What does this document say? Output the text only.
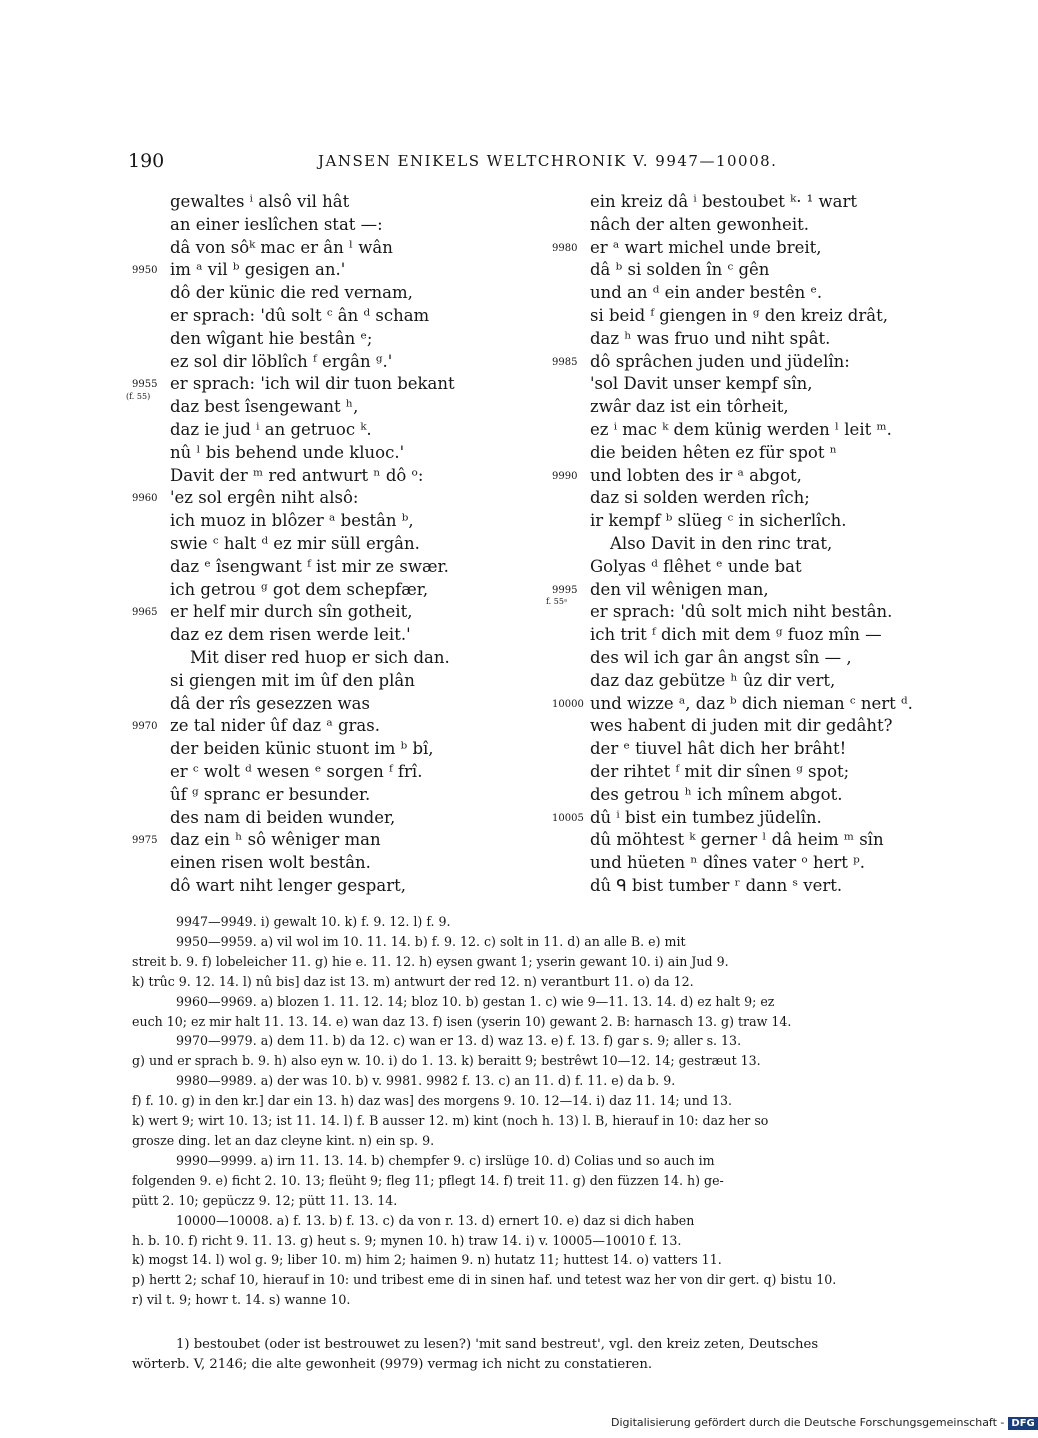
190	JANSEN ENIKELS WELTCHRONIK V. 9947—10008.
gewaltes ⁱ alsô vil hât
an einer ieslîchen stat —:
dâ von sôᵏ mac er ân ˡ wân
9950 im ᵃ vil ᵇ gesigen an.'
dô der künic die red vernam,
er sprach: 'dû solt ᶜ ân ᵈ scham
den wîgant hie bestân ᵉ;
ez sol dir löblîch ᶠ ergân ᵍ.'
9955 er sprach: 'ich wil dir tuon bekant
(f. 55)
daz best îsengewant ʰ,
daz ie jud ⁱ an getruoc ᵏ.
nû ˡ bis behend unde kluoc.'
Davit der ᵐ red antwurt ⁿ dô ᵒ:
9960 'ez sol ergên niht alsô:
ich muoz in blôzer ᵃ bestân ᵇ,
swie ᶜ halt ᵈ ez mir süll ergân.
daz ᵉ îsengwant ᶠ ist mir ze swær.
ich getrou ᵍ got dem schepfær,
9965 er helf mir durch sîn gotheit,
daz ez dem risen werde leit.'
Mit diser red huop er sich dan.
si giengen mit im ûf den plân
dâ der rîs gesezzen was
9970 ze tal nider ûf daz ᵃ gras.
der beiden künic stuont im ᵇ bî,
er ᶜ wolt ᵈ wesen ᵉ sorgen ᶠ frî.
ûf ᵍ spranc er besunder.
des nam di beiden wunder,
9975 daz ein ʰ sô wêniger man
einen risen wolt bestân.
dô wart niht lenger gespart,
ein kreiz dâ ⁱ bestoubet ᵏ· ¹ wart
nâch der alten gewonheit.
9980 er ᵃ wart michel unde breit,
dâ ᵇ si solden în ᶜ gên
und an ᵈ ein ander bestên ᵉ.
si beid ᶠ giengen in ᵍ den kreiz drât,
daz ʰ was fruo und niht spât.
9985 dô sprâchen juden und jüdelîn:
'sol Davit unser kempf sîn,
zwâr daz ist ein tôrheit,
ez ⁱ mac ᵏ dem künig werden ˡ leit ᵐ.
die beiden hêten ez für spot ⁿ
9990 und lobten des ir ᵃ abgot,
daz si solden werden rîch;
ir kempf ᵇ slüeg ᶜ in sicherlîch.
Also Davit in den rinc trat,
Golyas ᵈ flêhet ᵉ unde bat
9995 den vil wênigen man,
f. 55ᵃ
er sprach: 'dû solt mich niht bestân.
ich trit ᶠ dich mit dem ᵍ fuoz mîn —
des wil ich gar ân angst sîn — ,
daz daz gebütze ʰ ûz dir vert,
10000 und wizze ᵃ, daz ᵇ dich nieman ᶜ nert ᵈ.
wes habent di juden mit dir gedâht?
der ᵉ tiuvel hât dich her brâht!
der rihtet ᶠ mit dir sînen ᵍ spot;
des getrou ʰ ich mînem abgot.
10005 dû ⁱ bist ein tumbez jüdelîn.
dû möhtest ᵏ gerner ˡ dâ heim ᵐ sîn
und hüeten ⁿ dînes vater ᵒ hert ᵖ.
dû ᑫ bist tumber ʳ dann ˢ vert.

9947—9949. i) gewalt 10. k) f. 9. 12. l) f. 9.

9950—9959. a) vil wol im 10. 11. 14. b) f. 9. 12. c) solt in 11. d) an alle B. e) mit

streit b. 9. f) lobeleicher 11. g) hie e. 11. 12. h) eysen gwant 1; yserin gewant 10. i) ain Jud 9.

k) trûc 9. 12. 14. l) nû bis] daz ist 13. m) antwurt der red 12. n) verantburt 11. o) da 12.

9960—9969. a) blozen 1. 11. 12. 14; bloz 10. b) gestan 1. c) wie 9—11. 13. 14. d) ez halt 9; ez

euch 10; ez mir halt 11. 13. 14. e) wan daz 13. f) isen (yserin 10) gewant 2. B: harnasch 13. g) traw 14.

9970—9979. a) dem 11. b) da 12. c) wan er 13. d) waz 13. e) f. 13. f) gar s. 9; aller s. 13.

g) und er sprach b. 9. h) also eyn w. 10. i) do 1. 13. k) beraitt 9; bestrêwt 10—12. 14; gestræut 13.

9980—9989. a) der was 10. b) v. 9981. 9982 f. 13. c) an 11. d) f. 11. e) da b. 9.

f) f. 10. g) in den kr.] dar ein 13. h) daz was] des morgens 9. 10. 12—14. i) daz 11. 14; und 13.

k) wert 9; wirt 10. 13; ist 11. 14. l) f. B ausser 12. m) kint (noch h. 13) l. B, hierauf in 10: daz her so

grosze ding. let an daz cleyne kint. n) ein sp. 9.

9990—9999. a) irn 11. 13. 14. b) chempfer 9. c) irslüge 10. d) Colias und so auch im

folgenden 9. e) ficht 2. 10. 13; fleüht 9; fleg 11; pflegt 14. f) treit 11. g) den füzzen 14. h) ge-

pütt 2. 10; gepüczz 9. 12; pütt 11. 13. 14.

10000—10008. a) f. 13. b) f. 13. c) da von r. 13. d) ernert 10. e) daz si dich haben

h. b. 10. f) richt 9. 11. 13. g) heut s. 9; mynen 10. h) traw 14. i) v. 10005—10010 f. 13.

k) mogst 14. l) wol g. 9; liber 10. m) him 2; haimen 9. n) hutatz 11; huttest 14. o) vatters 11.

p) hertt 2; schaf 10, hierauf in 10: und tribest eme di in sinen haf. und tetest waz her von dir gert. q) bistu 10.

r) vil t. 9; howr t. 14. s) wanne 10.

1) bestoubet (oder ist bestrouwet zu lesen?) 'mit sand bestreut', vgl. den kreiz zeten, Deutsches

wörterb. V, 2146; die alte gewonheit (9979) vermag ich nicht zu constatieren.

Digitalisierung gefördert durch die Deutsche Forschungsgemeinschaft - DFG
